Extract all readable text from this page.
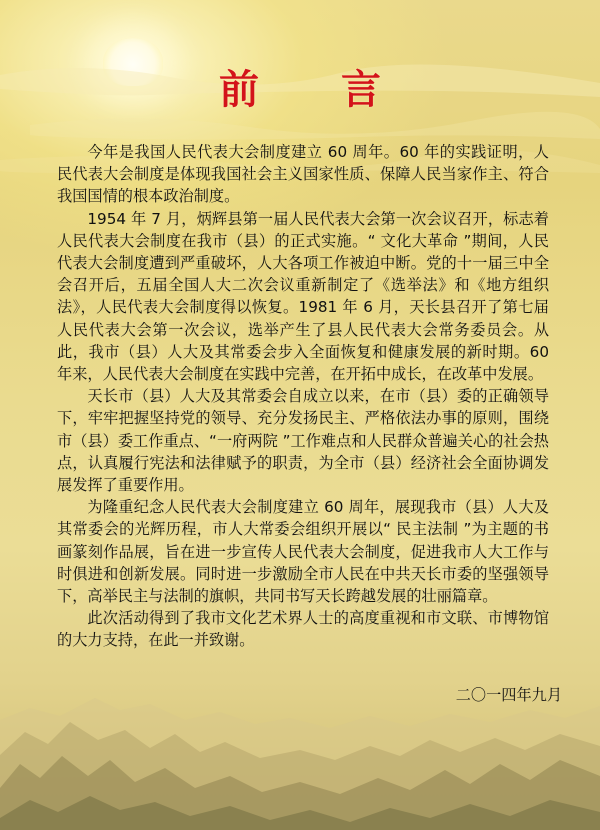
前 言

今年是我国人民代表大会制度建立 60 周年。60 年的实践证明，人民代表大会制度是体现我国社会主义国家性质、保障人民当家作主、符合我国国情的根本政治制度。

1954 年 7 月，炳辉县第一届人民代表大会第一次会议召开，标志着人民代表大会制度在我市（县）的正式实施。“ 文化大革命 ”期间，人民代表大会制度遭到严重破坏，人大各项工作被迫中断。党的十一届三中全会召开后，五届全国人大二次会议重新制定了《选举法》和《地方组织法》，人民代表大会制度得以恢复。1981 年 6 月，天长县召开了第七届人民代表大会第一次会议，选举产生了县人民代表大会常务委员会。从此，我市（县）人大及其常委会步入全面恢复和健康发展的新时期。60 年来，人民代表大会制度在实践中完善，在开拓中成长，在改革中发展。

天长市（县）人大及其常委会自成立以来，在市（县）委的正确领导下，牢牢把握坚持党的领导、充分发扬民主、严格依法办事的原则，围绕市（县）委工作重点、“一府两院 ”工作难点和人民群众普遍关心的社会热点，认真履行宪法和法律赋予的职责，为全市（县）经济社会全面协调发展发挥了重要作用。

为隆重纪念人民代表大会制度建立 60 周年，展现我市（县）人大及其常委会的光辉历程，市人大常委会组织开展以“ 民主法制 ”为主题的书画篆刻作品展，旨在进一步宣传人民代表大会制度，促进我市人大工作与时俱进和创新发展。同时进一步激励全市人民在中共天长市委的坚强领导下，高举民主与法制的旗帜，共同书写天长跨越发展的壮丽篇章。

此次活动得到了我市文化艺术界人士的高度重视和市文联、市博物馆的大力支持，在此一并致谢。

二〇一四年九月
